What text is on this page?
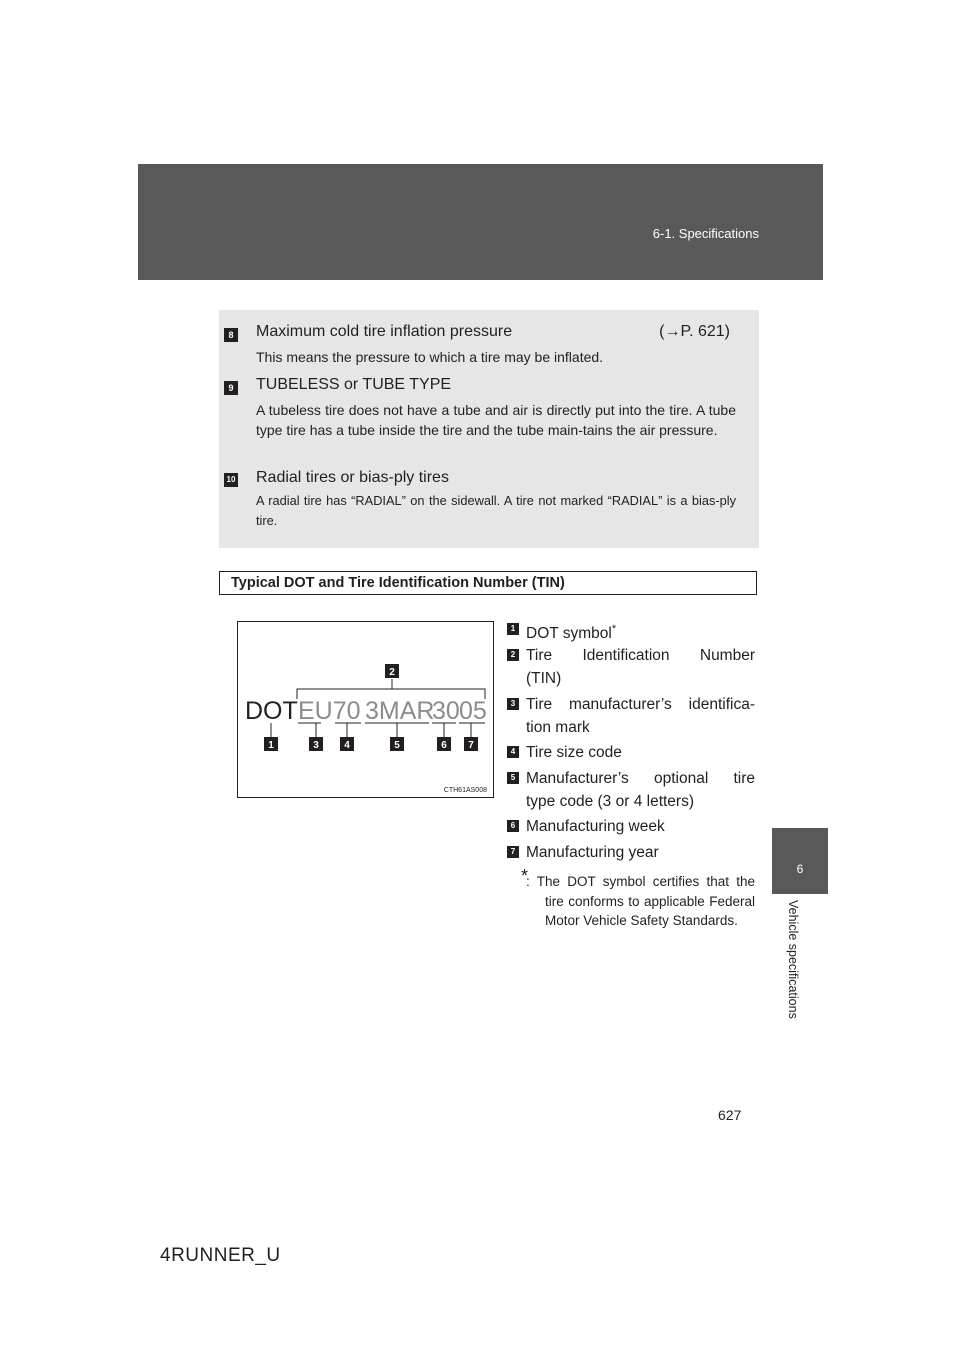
6-1. Specifications
6
Vehicle specifications
8 Maximum cold tire inflation pressure	(→P. 621)
This means the pressure to which a tire may be inflated.
9 TUBELESS or TUBE TYPE
A tubeless tire does not have a tube and air is directly put into the tire. A tube type tire has a tube inside the tire and the tube main-tains the air pressure.
10 Radial tires or bias-ply tires
A radial tire has “RADIAL” on the sidewall. A tire not marked “RADIAL” is a bias-ply tire.
Typical DOT and Tire Identification Number (TIN)
2
DOT EU70 3MAR
30 05
1	3	4	5	6 7
CTH61AS008
1 DOT symbol*
2 Tire Identification Number
(TIN)
3 Tire manufacturer’s identifica-
tion mark
4 Tire size code
5 Manufacturer’s optional tire
type code (3 or 4 letters)
6 Manufacturing week
7 Manufacturing year
*
: The DOT symbol certifies that the tire conforms to applicable Federal Motor Vehicle Safety Standards.
627
4RUNNER_U
